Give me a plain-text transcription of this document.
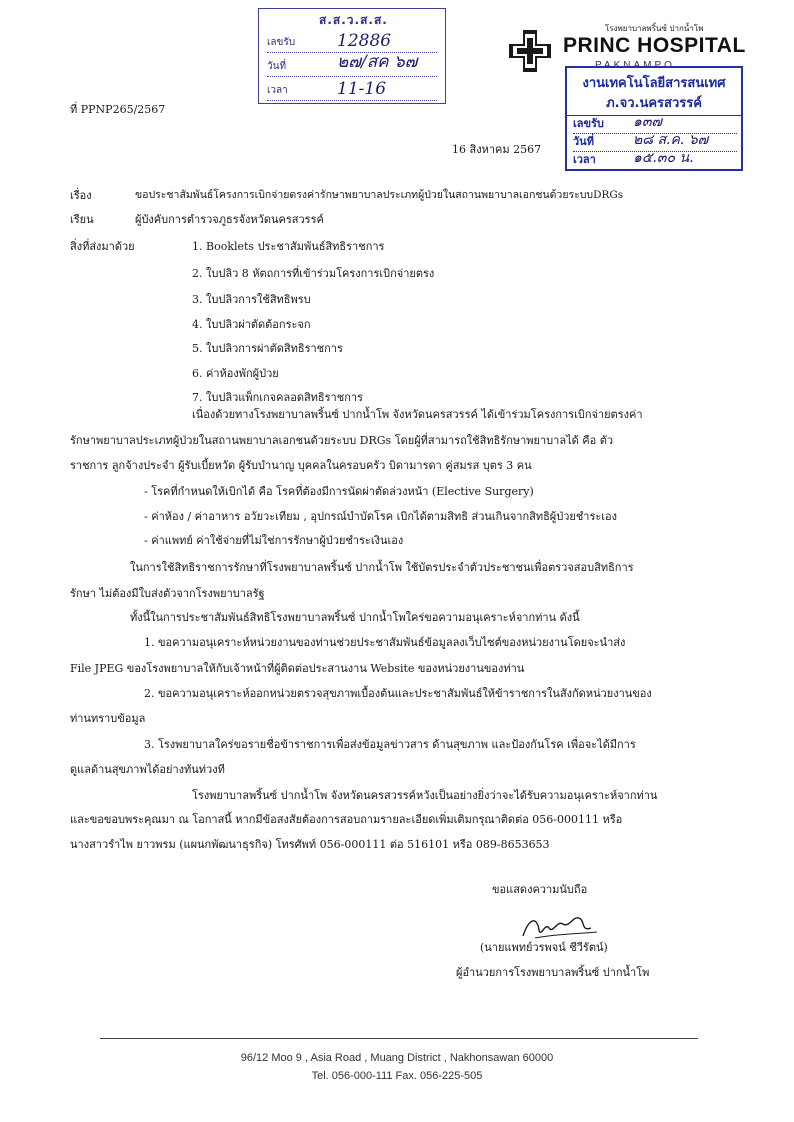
ส.ส.ว.ส.ส.
เลขรับ 12886
วันที่	๒๗/สค ๖๗
เวลา	11-16
โรงพยาบาลพริ้นซ์ ปากน้ำโพ
PRINC HOSPITAL
งานเทคโนโลยีสารสนเทศ
ภ.จว.นครสวรรค์
เลขรับ ๑๓๗
วันที่	๒๘ ส.ค. ๖๗
เวลา	๑๕.๓๐ น.
ที่ PPNP265/2567
16 สิงหาคม 2567
เรื่อง	ขอประชาสัมพันธ์โครงการเบิกจ่ายตรงค่ารักษาพยาบาลประเภทผู้ป่วยในสถานพยาบาลเอกชนด้วยระบบDRGs
เรียน	ผู้บังคับการตำรวจภูธรจังหวัดนครสวรรค์
สิ่งที่ส่งมาด้วย	1. Booklets ประชาสัมพันธ์สิทธิราชการ
2. ใบปลิว 8 หัตถการที่เข้าร่วมโครงการเบิกจ่ายตรง
3. ใบปลิวการใช้สิทธิพรบ
4. ใบปลิวผ่าตัดต้อกระจก
5. ใบปลิวการผ่าตัดสิทธิราชการ
6. ค่าห้องพักผู้ป่วย
7. ใบปลิวแพ็กเกจคลอดสิทธิราชการ
เนื่องด้วยทางโรงพยาบาลพริ้นซ์ ปากน้ำโพ จังหวัดนครสวรรค์ ได้เข้าร่วมโครงการเบิกจ่ายตรงค่า
รักษาพยาบาลประเภทผู้ป่วยในสถานพยาบาลเอกชนด้วยระบบ DRGs โดยผู้ที่สามารถใช้สิทธิรักษาพยาบาลได้ คือ ตัว
ราชการ ลูกจ้างประจำ ผู้รับเบี้ยหวัด ผู้รับบำนาญ บุคคลในครอบครัว บิดามารดา คู่สมรส บุตร 3 คน
- โรคที่กำหนดให้เบิกได้ คือ โรคที่ต้องมีการนัดผ่าตัดล่วงหน้า (Elective Surgery)
- ค่าห้อง / ค่าอาหาร อวัยวะเทียม , อุปกรณ์บำบัดโรค เบิกได้ตามสิทธิ ส่วนเกินจากสิทธิผู้ป่วยชำระเอง
- ค่าแพทย์ ค่าใช้จ่ายที่ไม่ใช่การรักษาผู้ป่วยชำระเงินเอง
ในการใช้สิทธิราชการรักษาที่โรงพยาบาลพริ้นซ์ ปากน้ำโพ ใช้บัตรประจำตัวประชาชนเพื่อตรวจสอบสิทธิการ
รักษา ไม่ต้องมีใบส่งตัวจากโรงพยาบาลรัฐ
ทั้งนี้ในการประชาสัมพันธ์สิทธิโรงพยาบาลพริ้นซ์ ปากน้ำโพใคร่ขอความอนุเคราะห์จากท่าน ดังนี้
1. ขอความอนุเคราะห์หน่วยงานของท่านช่วยประชาสัมพันธ์ข้อมูลลงเว็บไซต์ของหน่วยงานโดยจะนำส่ง
File JPEG ของโรงพยาบาลให้กับเจ้าหน้าที่ผู้ติดต่อประสานงาน Website ของหน่วยงานของท่าน
2. ขอความอนุเคราะห์ออกหน่วยตรวจสุขภาพเบื้องต้นและประชาสัมพันธ์ให้ข้าราชการในสังกัดหน่วยงานของ
ท่านทราบข้อมูล
3. โรงพยาบาลใคร่ขอรายชื่อข้าราชการเพื่อส่งข้อมูลข่าวสาร ด้านสุขภาพ และป้องกันโรค เพื่อจะได้มีการ
ดูแลด้านสุขภาพได้อย่างทันท่วงที
โรงพยาบาลพริ้นซ์ ปากน้ำโพ จังหวัดนครสวรรค์หวังเป็นอย่างยิ่งว่าจะได้รับความอนุเคราะห์จากท่าน
และขอขอบพระคุณมา ณ โอกาสนี้ หากมีข้อสงสัยต้องการสอบถามรายละเอียดเพิ่มเติมกรุณาติดต่อ 056-000111 หรือ
นางสาวรำไพ ยาวพรม (แผนกพัฒนาธุรกิจ) โทรศัพท์ 056-000111 ต่อ 516101 หรือ 089-8653653
ขอแสดงความนับถือ
(นายแพทย์วรพจน์ ชีวีรัตน์)
ผู้อำนวยการโรงพยาบาลพริ้นซ์ ปากน้ำโพ
96/12 Moo 9 , Asia Road , Muang District , Nakhonsawan 60000
Tel. 056-000-111 Fax. 056-225-505
